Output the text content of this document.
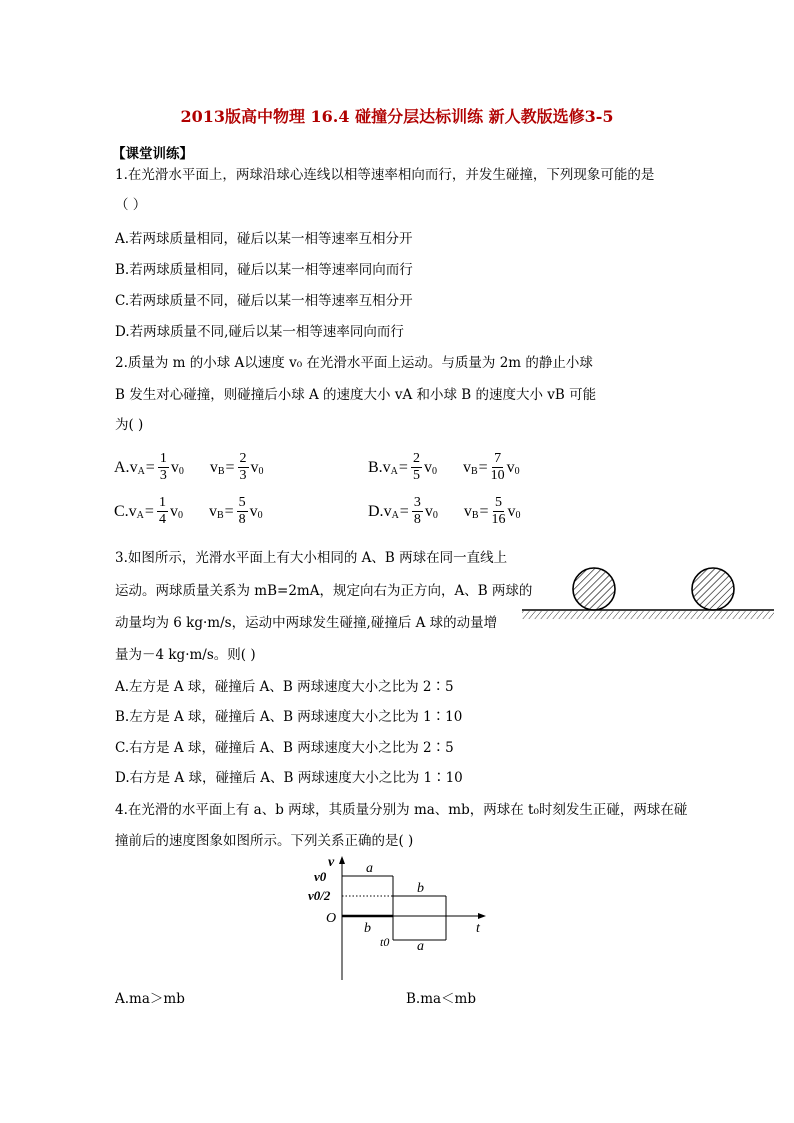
2013版高中物理 16.4 碰撞分层达标训练 新人教版选修3-5
【课堂训练】
1.在光滑水平面上，两球沿球心连线以相等速率相向而行，并发生碰撞，下列现象可能的是
（ ）
A.若两球质量相同，碰后以某一相等速率互相分开
B.若两球质量相同，碰后以某一相等速率同向而行
C.若两球质量不同，碰后以某一相等速率互相分开
D.若两球质量不同,碰后以某一相等速率同向而行
2.质量为 m 的小球 A以速度 v₀ 在光滑水平面上运动。与质量为 2m 的静止小球
B 发生对心碰撞，则碰撞后小球 A 的速度大小 vA 和小球 B 的速度大小 vB 可能
为( )
A. v $A = \frac{1}{3}$ v 0 v $B = \frac{2}{3}$ v 0	B. v $A = \frac{2}{5}$ v 0 v $B = \frac{7}{10}$ v 0
C. v $A = \frac{1}{4}$ v 0 v $B = \frac{5}{8}$ v 0	D. v $A = \frac{3}{8}$ v 0 v $B = \frac{5}{16}$ v 0
3.如图所示，光滑水平面上有大小相同的 A、B 两球在同一直线上
运动。两球质量关系为 mB=2mA，规定向右为正方向，A、B 两球的
动量均为 6 kg·m/s，运动中两球发生碰撞,碰撞后 A 球的动量增
量为－4 kg·m/s。则( )
A.左方是 A 球，碰撞后 A、B 两球速度大小之比为 2∶5
B.左方是 A 球，碰撞后 A、B 两球速度大小之比为 1∶10
C.右方是 A 球，碰撞后 A、B 两球速度大小之比为 2∶5
D.右方是 A 球，碰撞后 A、B 两球速度大小之比为 1∶10
4.在光滑的水平面上有 a、b 两球，其质量分别为 ma、mb，两球在 t₀时刻发生正碰，两球在碰
撞前后的速度图象如图所示。下列关系正确的是( )
v
v0
v0/2
O
t
t0
a
b
b
a
A.ma＞mb	B.ma＜mb
